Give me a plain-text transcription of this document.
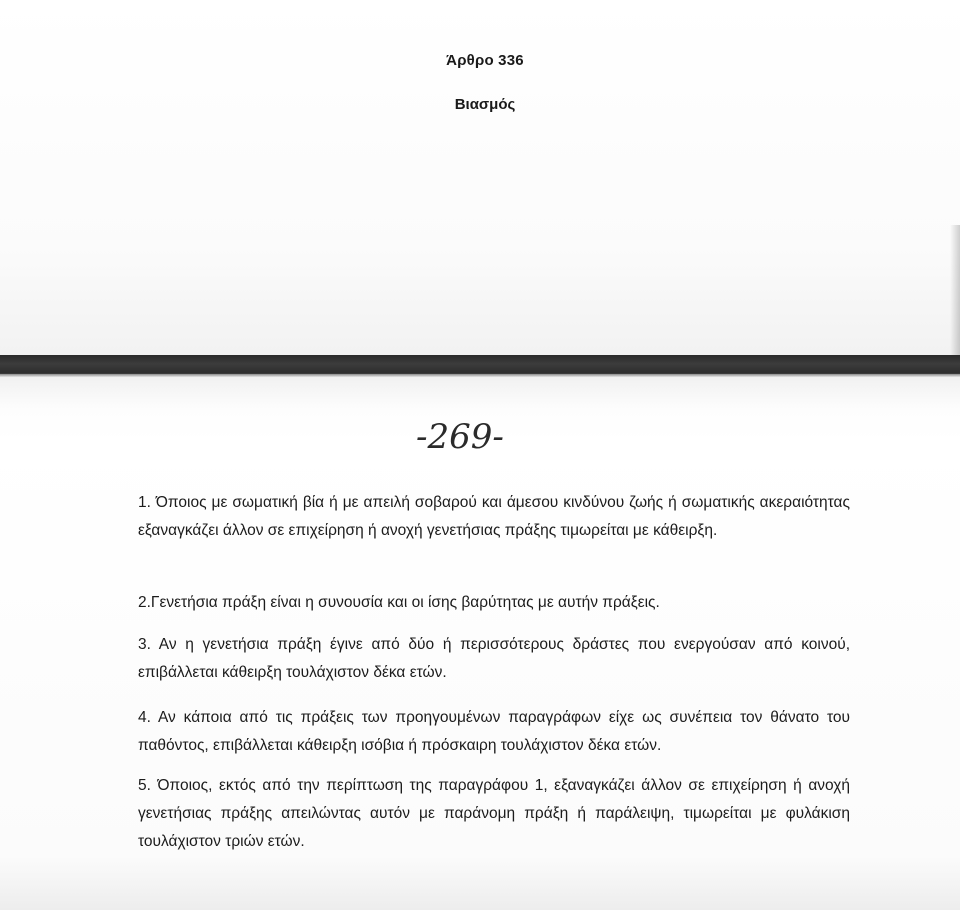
Άρθρο 336
Βιασμός
-269-
1. Όποιος με σωματική βία ή με απειλή σοβαρού και άμεσου κινδύνου ζωής ή σωματικής ακεραιότητας εξαναγκάζει άλλον σε επιχείρηση ή ανοχή γενετήσιας πράξης τιμωρείται με κάθειρξη.
2.Γενετήσια πράξη είναι η συνουσία και οι ίσης βαρύτητας με αυτήν πράξεις.
3. Αν η γενετήσια πράξη έγινε από δύο ή περισσότερους δράστες που ενεργούσαν από κοινού, επιβάλλεται κάθειρξη τουλάχιστον δέκα ετών.
4. Αν κάποια από τις πράξεις των προηγουμένων παραγράφων είχε ως συνέπεια τον θάνατο του παθόντος, επιβάλλεται κάθειρξη ισόβια ή πρόσκαιρη τουλάχιστον δέκα ετών.
5. Όποιος, εκτός από την περίπτωση της παραγράφου 1, εξαναγκάζει άλλον σε επιχείρηση ή ανοχή γενετήσιας πράξης απειλώντας αυτόν με παράνομη πράξη ή παράλειψη, τιμωρείται με φυλάκιση τουλάχιστον τριών ετών.
